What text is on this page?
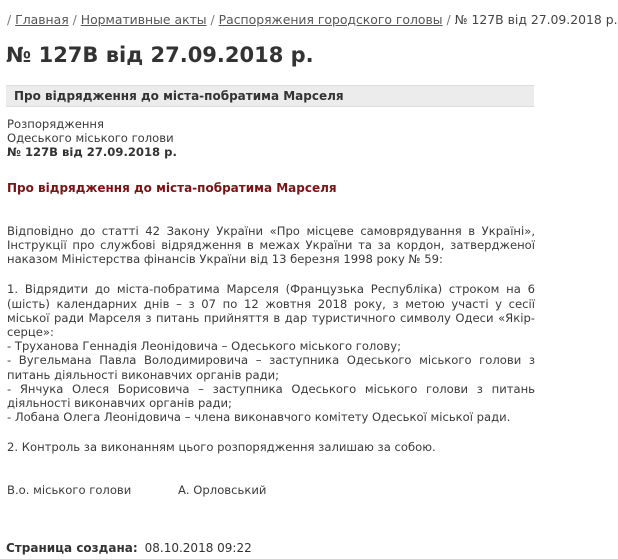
/ Главная / Нормативные акты / Распоряжения городского головы / № 127В від 27.09.2018 р.
№ 127В від 27.09.2018 р.
Про відрядження до міста-побратима Марселя
Розпорядження
Одеського міського голови
№ 127В від 27.09.2018 р.
Про відрядження до міста-побратима Марселя
Відповідно до статті 42 Закону України «Про місцеве самоврядування в Україні», Інструкції про службові відрядження в межах України та за кордон, затвердженої наказом Міністерства фінансів України від 13 березня 1998 року № 59:
1. Відрядити до міста-побратима Марселя (Французька Республіка) строком на 6 (шість) календарних днів – з 07 по 12 жовтня 2018 року, з метою участі у сесії міської ради Марселя з питань прийняття в дар туристичного символу Одеси «Якір-серце»:
- Труханова Геннадія Леонідовича – Одеського міського голову;
- Вугельмана Павла Володимировича – заступника Одеського міського голови з питань діяльності виконавчих органів ради;
- Янчука Олеся Борисовича – заступника Одеського міського голови з питань діяльності виконавчих органів ради;
- Лобана Олега Леонідовича – члена виконавчого комітету Одеської міської ради.
2. Контроль за виконанням цього розпорядження залишаю за собою.
В.о. міського голови	А. Орловський
Страница создана: 08.10.2018 09:22
